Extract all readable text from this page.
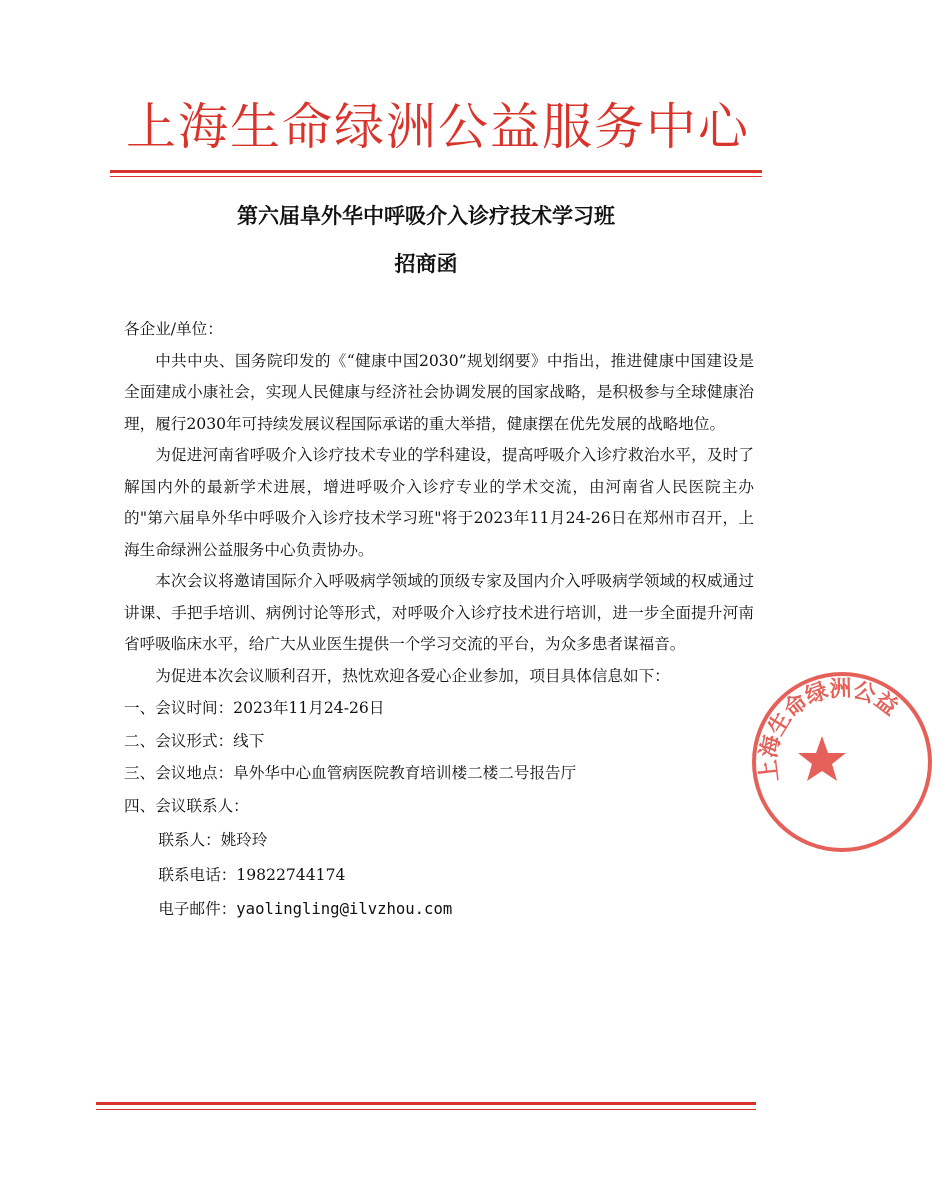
上海生命绿洲公益服务中心
第六届阜外华中呼吸介入诊疗技术学习班
招商函

各企业/单位：

中共中央、国务院印发的《“健康中国2030”规划纲要》中指出，推进健康中国建设是全面建成小康社会，实现人民健康与经济社会协调发展的国家战略，是积极参与全球健康治理，履行2030年可持续发展议程国际承诺的重大举措，健康摆在优先发展的战略地位。

为促进河南省呼吸介入诊疗技术专业的学科建设，提高呼吸介入诊疗救治水平，及时了解国内外的最新学术进展，增进呼吸介入诊疗专业的学术交流，由河南省人民医院主办的"第六届阜外华中呼吸介入诊疗技术学习班"将于2023年11月24-26日在郑州市召开，上海生命绿洲公益服务中心负责协办。

本次会议将邀请国际介入呼吸病学领域的顶级专家及国内介入呼吸病学领域的权威通过讲课、手把手培训、病例讨论等形式，对呼吸介入诊疗技术进行培训，进一步全面提升河南省呼吸临床水平，给广大从业医生提供一个学习交流的平台，为众多患者谋福音。

为促进本次会议顺利召开，热忱欢迎各爱心企业参加，项目具体信息如下：

一、会议时间：2023年11月24-26日

二、会议形式：线下

三、会议地点：阜外华中心血管病医院教育培训楼二楼二号报告厅

四、会议联系人：

联系人：姚玲玲

联系电话：19822744174

电子邮件：yaolingling@ilvzhou.com

上海生命绿洲公益
